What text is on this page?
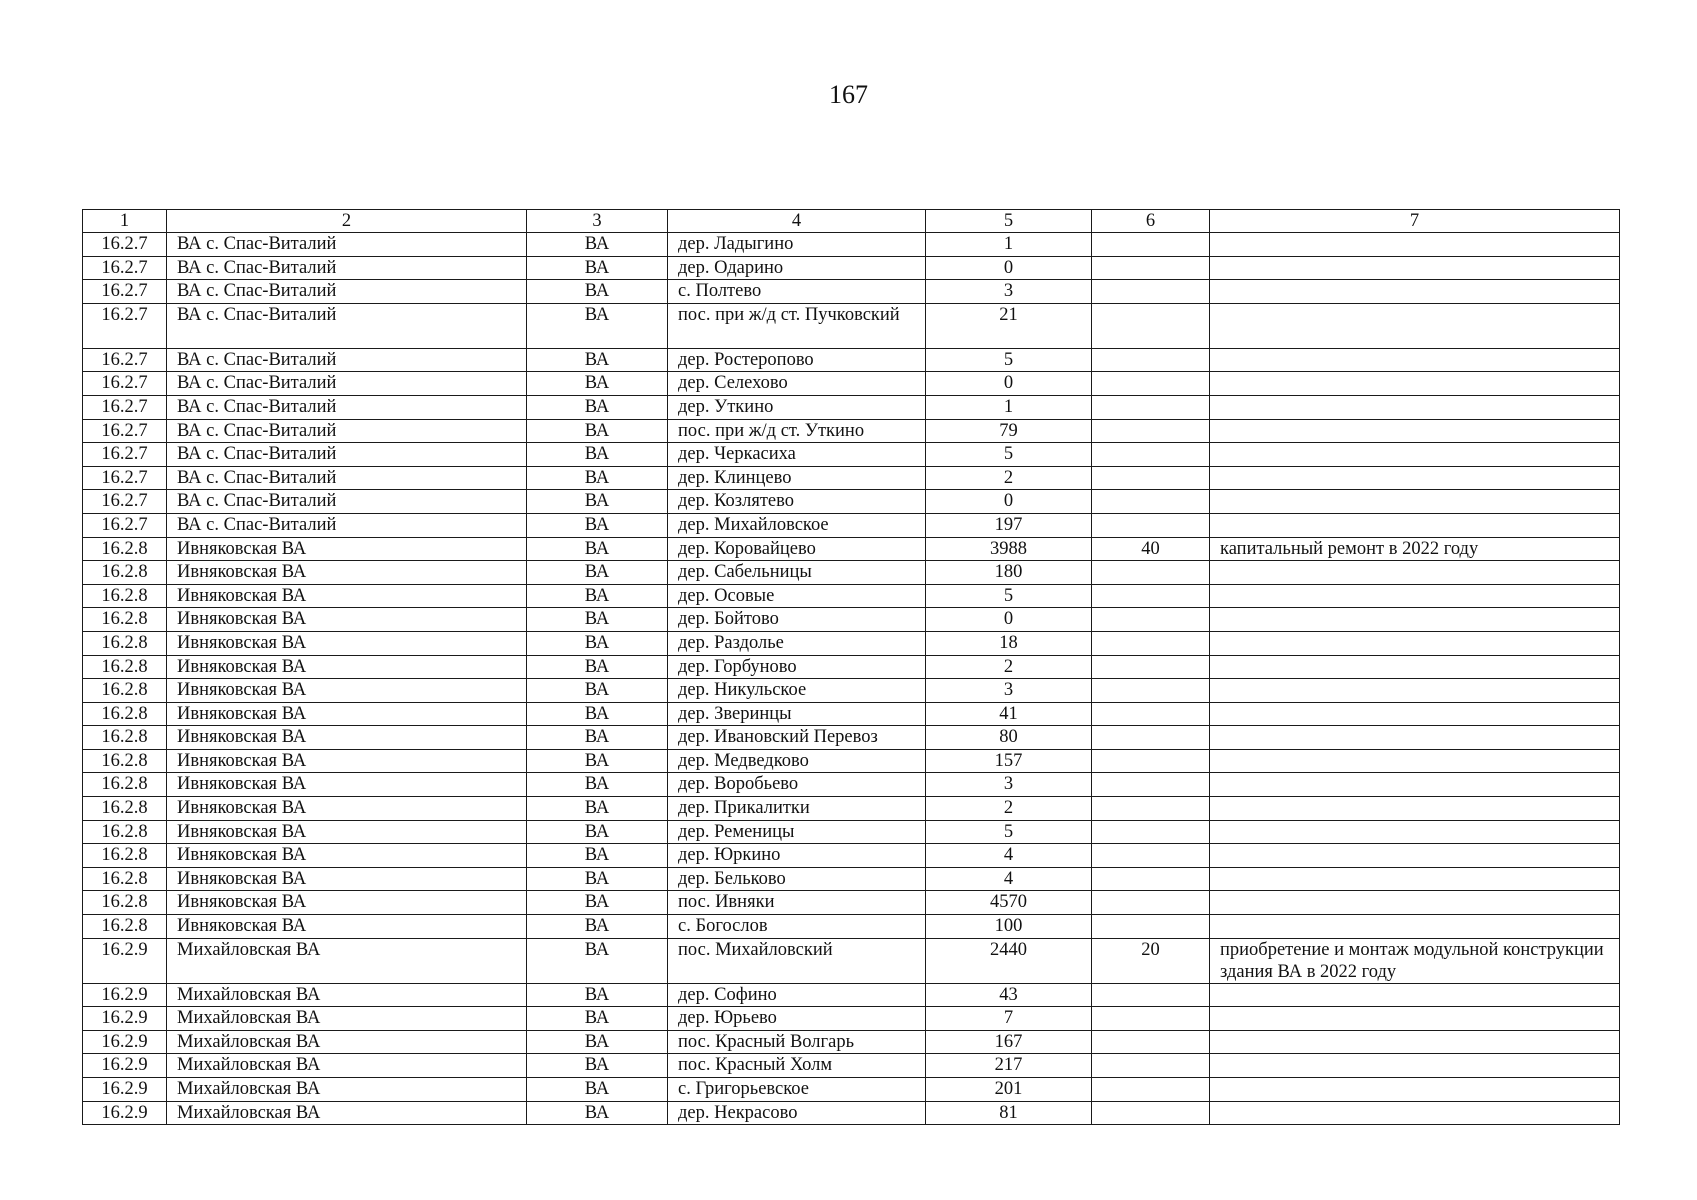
167
1	2	3	4	5	6	7
16.2.7	ВА с. Спас-Виталий	ВА	дер. Ладыгино	1		
16.2.7	ВА с. Спас-Виталий	ВА	дер. Одарино	0		
16.2.7	ВА с. Спас-Виталий	ВА	с. Полтево	3		
16.2.7	ВА с. Спас-Виталий	ВА	пос. при ж/д ст. Пучковский	21		
16.2.7	ВА с. Спас-Виталий	ВА	дер. Ростеропово	5		
16.2.7	ВА с. Спас-Виталий	ВА	дер. Селехово	0		
16.2.7	ВА с. Спас-Виталий	ВА	дер. Уткино	1		
16.2.7	ВА с. Спас-Виталий	ВА	пос. при ж/д ст. Уткино	79		
16.2.7	ВА с. Спас-Виталий	ВА	дер. Черкасиха	5		
16.2.7	ВА с. Спас-Виталий	ВА	дер. Клинцево	2		
16.2.7	ВА с. Спас-Виталий	ВА	дер. Козлятево	0		
16.2.7	ВА с. Спас-Виталий	ВА	дер. Михайловское	197		
16.2.8	Ивняковская ВА	ВА	дер. Коровайцево	3988	40	капитальный ремонт в 2022 году
16.2.8	Ивняковская ВА	ВА	дер. Сабельницы	180		
16.2.8	Ивняковская ВА	ВА	дер. Осовые	5		
16.2.8	Ивняковская ВА	ВА	дер. Бойтово	0		
16.2.8	Ивняковская ВА	ВА	дер. Раздолье	18		
16.2.8	Ивняковская ВА	ВА	дер. Горбуново	2		
16.2.8	Ивняковская ВА	ВА	дер. Никульское	3		
16.2.8	Ивняковская ВА	ВА	дер. Зверинцы	41		
16.2.8	Ивняковская ВА	ВА	дер. Ивановский Перевоз	80		
16.2.8	Ивняковская ВА	ВА	дер. Медведково	157		
16.2.8	Ивняковская ВА	ВА	дер. Воробьево	3		
16.2.8	Ивняковская ВА	ВА	дер. Прикалитки	2		
16.2.8	Ивняковская ВА	ВА	дер. Ременицы	5		
16.2.8	Ивняковская ВА	ВА	дер. Юркино	4		
16.2.8	Ивняковская ВА	ВА	дер. Бельково	4		
16.2.8	Ивняковская ВА	ВА	пос. Ивняки	4570		
16.2.8	Ивняковская ВА	ВА	с. Богослов	100		
16.2.9	Михайловская ВА	ВА	пос. Михайловский	2440	20	приобретение и монтаж модульной конструкции здания ВА в 2022 году
16.2.9	Михайловская ВА	ВА	дер. Софино	43		
16.2.9	Михайловская ВА	ВА	дер. Юрьево	7		
16.2.9	Михайловская ВА	ВА	пос. Красный Волгарь	167		
16.2.9	Михайловская ВА	ВА	пос. Красный Холм	217		
16.2.9	Михайловская ВА	ВА	с. Григорьевское	201		
16.2.9	Михайловская ВА	ВА	дер. Некрасово	81		
